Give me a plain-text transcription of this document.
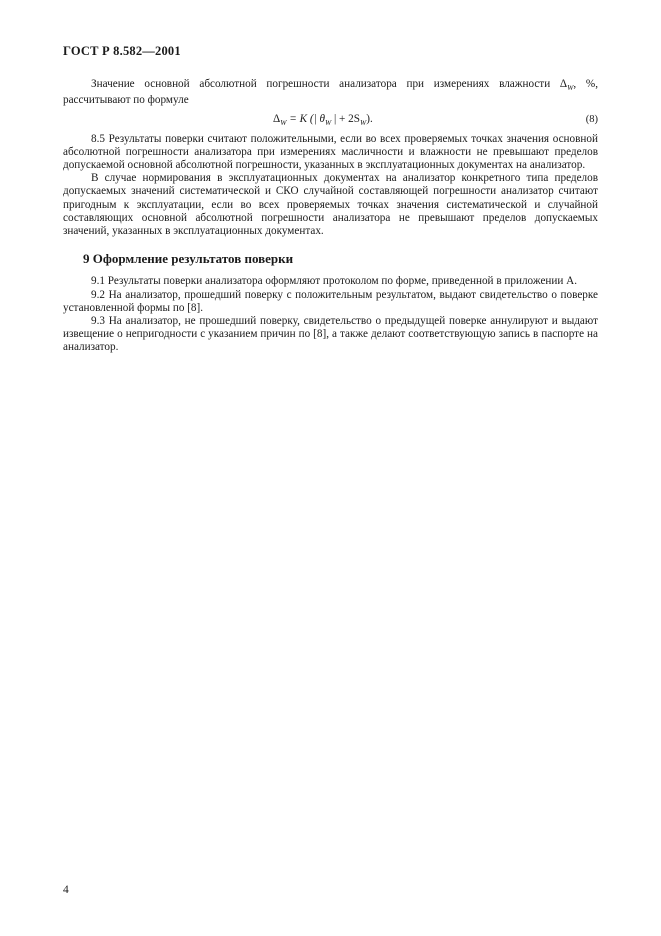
ГОСТ Р 8.582—2001

Значение основной абсолютной погрешности анализатора при измерениях влажности $\Delta_W$, %, рассчитывают по формуле

$\Delta_W = K$ (| $\theta_W$ | + $2S_W$).	(8)

8.5 Результаты поверки считают положительными, если во всех проверяемых точках значения основной абсолютной погрешности анализатора при измерениях масличности и влажности не превышают пределов допускаемой основной абсолютной погрешности, указанных в эксплуатационных документах на анализатор.

В случае нормирования в эксплуатационных документах на анализатор конкретного типа пределов допускаемых значений систематической и СКО случайной составляющей погрешности анализатор считают пригодным к эксплуатации, если во всех проверяемых точках значения систематической и случайной составляющих основной абсолютной погрешности анализатора не превышают пределов допускаемых значений, указанных в эксплуатационных документах.

9 Оформление результатов поверки

9.1 Результаты поверки анализатора оформляют протоколом по форме, приведенной в приложении А.

9.2 На анализатор, прошедший поверку с положительным результатом, выдают свидетельство о поверке установленной формы по [8].

9.3 На анализатор, не прошедший поверку, свидетельство о предыдущей поверке аннулируют и выдают извещение о непригодности с указанием причин по [8], а также делают соответствующую запись в паспорте на анализатор.

4
